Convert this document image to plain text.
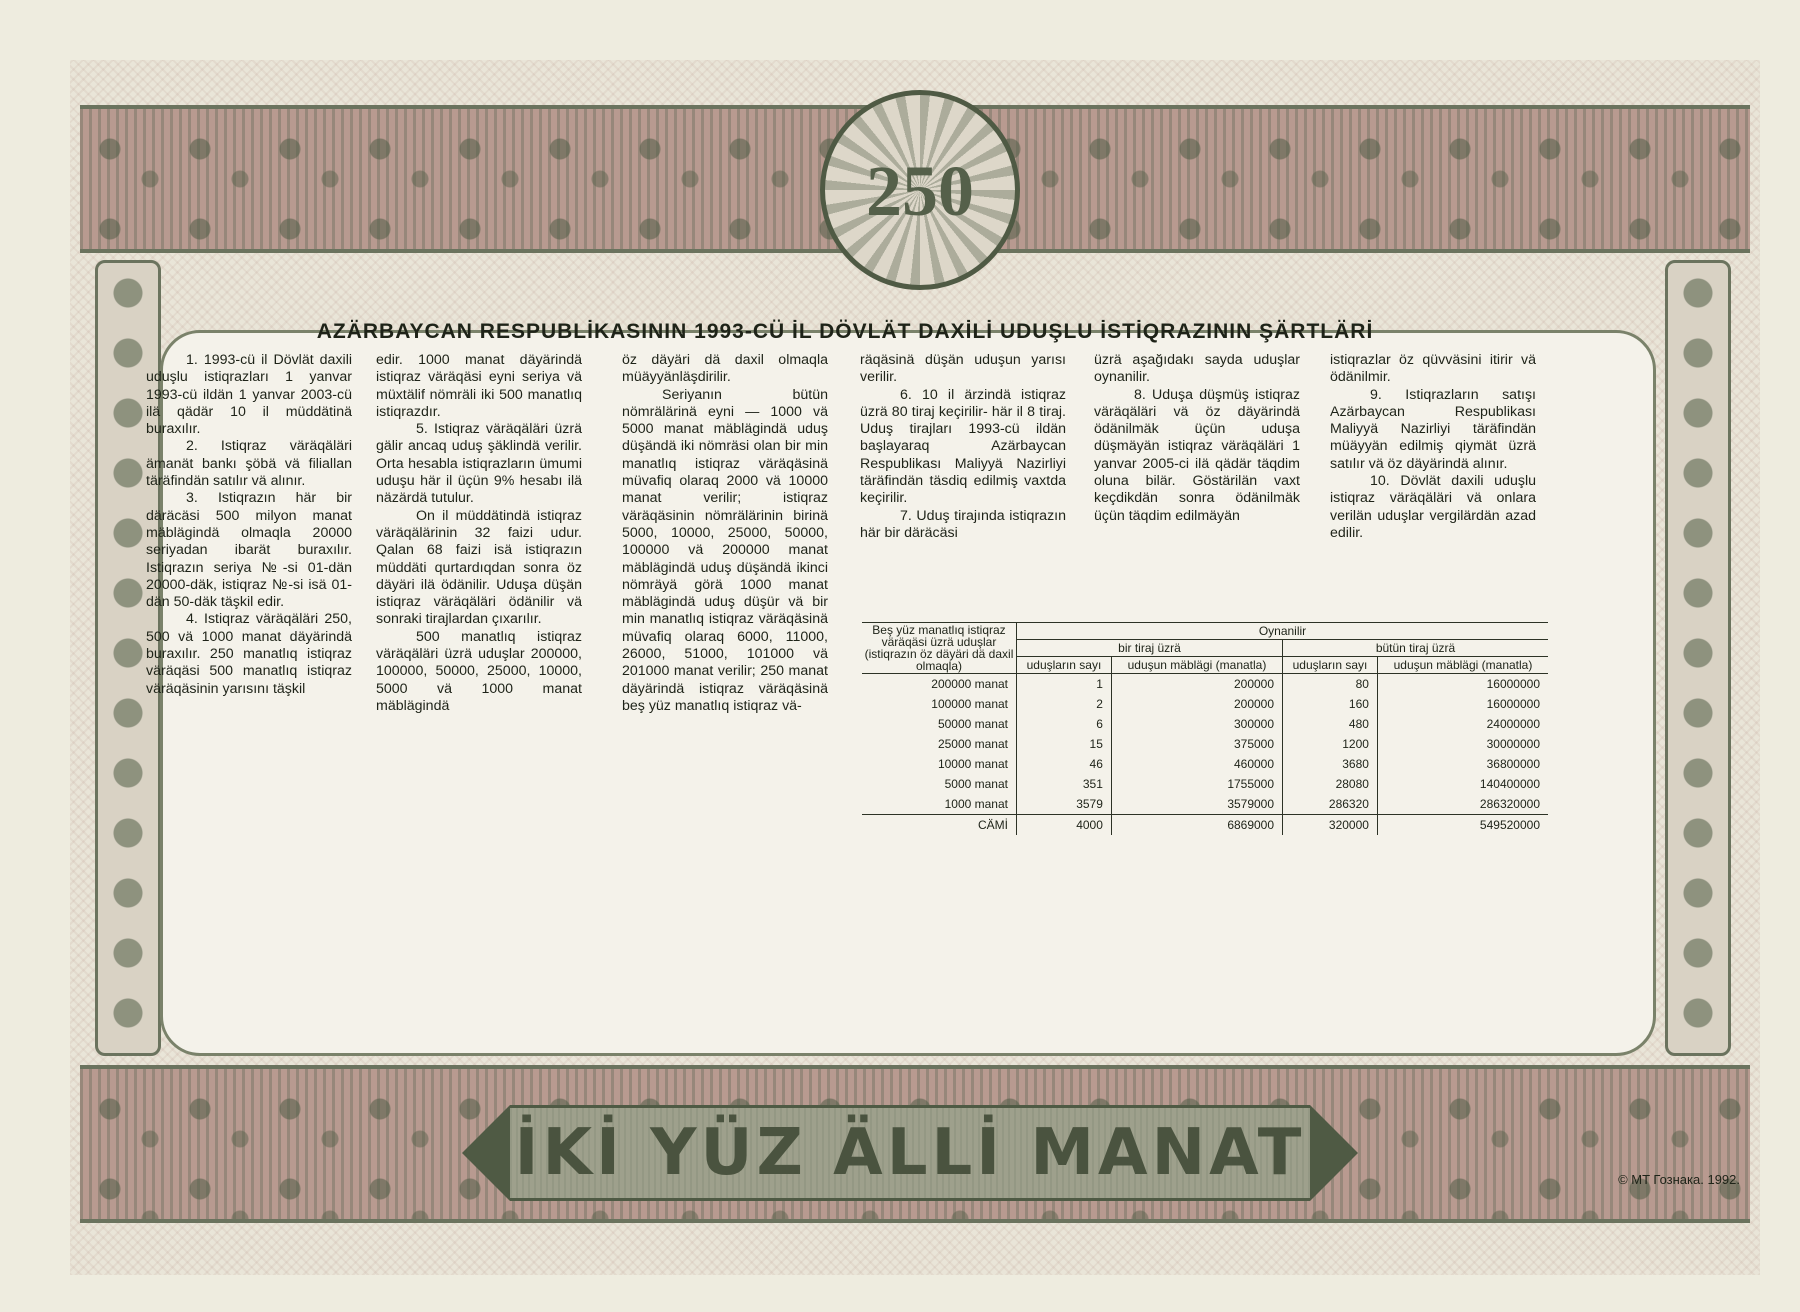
250
İKİ YÜZ ÄLLİ MANAT
AZÄRBAYCAN RESPUBLİKASININ 1993-CÜ İL DÖVLÄT DAXİLİ UDUŞLU İSTİQRAZININ ŞÄRTLÄRİ

1. 1993-cü il Dövlät daxili uduşlu istiqrazları 1 yanvar 1993-cü ildän 1 yanvar 2003-cü ilä qädär 10 il müddätinä buraxılır.

2. Istiqraz väräqäläri ämanät bankı şöbä vä filiallan täräfindän satılır vä alınır.

3. Istiqrazın här bir däräcäsi 500 milyon manat mäblägindä olmaqla 20000 seriyadan ibarät buraxılır. Istiqrazın seriya №-si 01-dän 20000-däk, istiqraz №-si isä 01-dän 50-däk täşkil edir.

4. Istiqraz väräqäläri 250, 500 vä 1000 manat däyärindä buraxılır. 250 manatlıq istiqraz väräqäsi 500 manatlıq istiqraz väräqäsinin yarısını täşkil

edir. 1000 manat däyärindä istiqraz väräqäsi eyni seriya vä müxtälif nömräli iki 500 manatlıq istiqrazdır.

5. Istiqraz väräqäläri üzrä gälir ancaq uduş şäklindä verilir. Orta hesabla istiqrazların ümumi uduşu här il üçün 9% hesabı ilä näzärdä tutulur.

On il müddätindä istiqraz väräqälärinin 32 faizi udur. Qalan 68 faizi isä istiqrazın müddäti qurtardıqdan sonra öz däyäri ilä ödänilir. Uduşa düşän istiqraz väräqäläri ödänilir vä sonraki tirajlardan çıxarılır.

500 manatlıq istiqraz väräqäläri üzrä uduşlar 200000, 100000, 50000, 25000, 10000, 5000 vä 1000 manat mäblägindä

öz däyäri dä daxil olmaqla müäyyänläşdirilir.

Seriyanın bütün nömrälärinä eyni — 1000 vä 5000 manat mäblägindä uduş düşändä iki nömräsi olan bir min manatlıq istiqraz väräqäsinä müvafiq olaraq 2000 vä 10000 manat verilir; istiqraz väräqäsinin nömrälärinin birinä 5000, 10000, 25000, 50000, 100000 vä 200000 manat mäblägindä uduş düşändä ikinci nömräyä görä 1000 manat mäblägindä uduş düşür vä bir min manatlıq istiqraz väräqäsinä müvafiq olaraq 6000, 11000, 26000, 51000, 101000 vä 201000 manat verilir; 250 manat däyärindä istiqraz väräqäsinä beş yüz manatlıq istiqraz vä-

räqäsinä düşän uduşun yarısı verilir.

6. 10 il ärzindä istiqraz üzrä 80 tiraj keçirilir- här il 8 tiraj. Uduş tirajları 1993-cü ildän başlayaraq Azärbaycan Respublikası Maliyyä Nazirliyi täräfindän täsdiq edilmiş vaxtda keçirilir.

7. Uduş tirajında istiqrazın här bir däräcäsi

üzrä aşağıdakı sayda uduşlar oynanilir.

8. Uduşa düşmüş istiqraz väräqäläri vä öz däyärindä ödänilmäk üçün uduşa düşmäyän istiqraz väräqäläri 1 yanvar 2005-ci ilä qädär täqdim oluna bilär. Göstärilän vaxt keçdikdän sonra ödänilmäk üçün täqdim edilmäyän

istiqrazlar öz qüvväsini itirir vä ödänilmir.

9. Istiqrazların satışı Azärbaycan Respublikası Maliyyä Nazirliyi täräfindän müäyyän edilmiş qiymät üzrä satılır vä öz däyärindä alınır.

10. Dövlät daxili uduşlu istiqraz väräqäläri vä onlara verilän uduşlar vergilärdän azad edilir.

Beş yüz manatlıq istiqraz väräqäsi üzrä uduşlar (istiqrazın öz däyäri dä daxil olmaqla)	Oynanilir			
	bir tiraj üzrä		bütün tiraj üzrä	
	uduşların sayı	uduşun mäblägi (manatla)	uduşların sayı	uduşun mäblägi (manatla)
200000 manat	1	200000	80	16000000
100000 manat	2	200000	160	16000000
50000 manat	6	300000	480	24000000
25000 manat	15	375000	1200	30000000
10000 manat	46	460000	3680	36800000
5000 manat	351	1755000	28080	140400000
1000 manat	3579	3579000	286320	286320000
CÄMİ	4000	6869000	320000	549520000
© MT Гознака. 1992.
